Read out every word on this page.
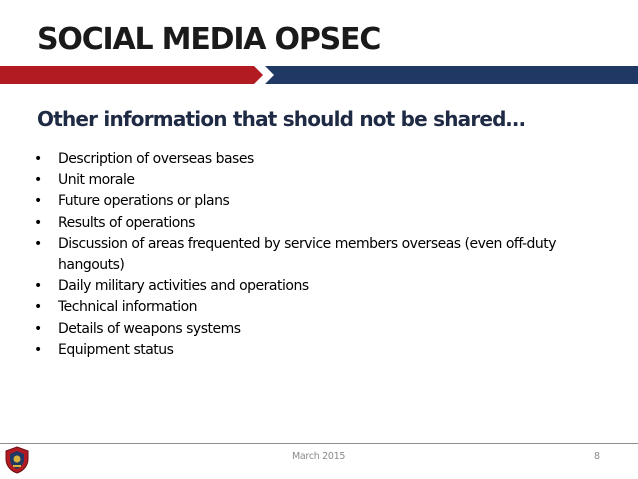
SOCIAL MEDIA OPSEC
Other information that should not be shared…
•	Description of overseas bases
•	Unit morale
•	Future operations or plans
•	Results of operations
•	Discussion of areas frequented by service members overseas (even off-duty hangouts)
•	Daily military activities and operations
•	Technical information
•	Details of weapons systems
•	Equipment status
March 2015	8
